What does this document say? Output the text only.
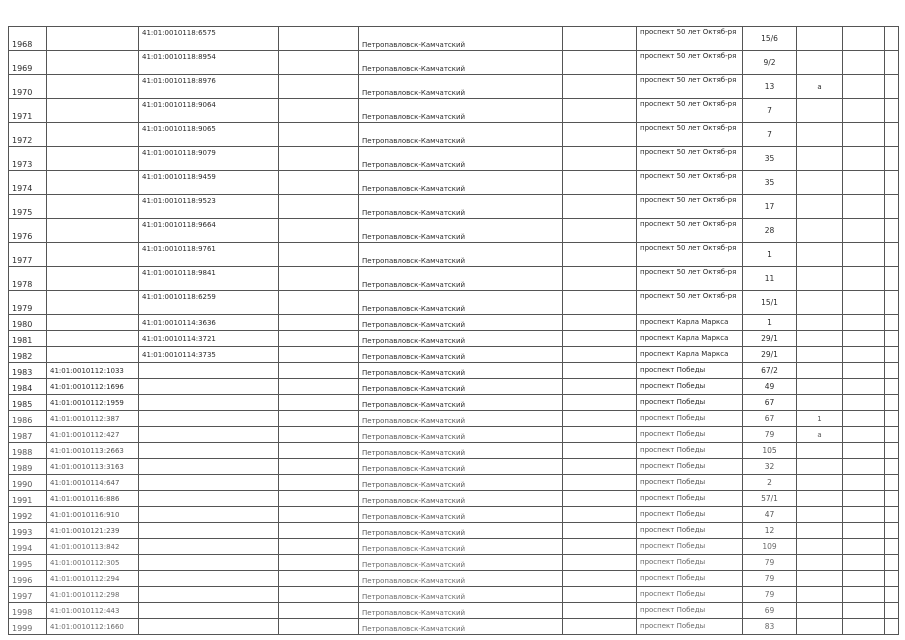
1968		41:01:0010118:6575		Петропавловск-Камчатский		проспект 50 лет Октяб-ря	15/6			
1969		41:01:0010118:8954		Петропавловск-Камчатский		проспект 50 лет Октяб-ря	9/2			
1970		41:01:0010118:8976		Петропавловск-Камчатский		проспект 50 лет Октяб-ря	13	а		
1971		41:01:0010118:9064		Петропавловск-Камчатский		проспект 50 лет Октяб-ря	7			
1972		41:01:0010118:9065		Петропавловск-Камчатский		проспект 50 лет Октяб-ря	7			
1973		41:01:0010118:9079		Петропавловск-Камчатский		проспект 50 лет Октяб-ря	35			
1974		41:01:0010118:9459		Петропавловск-Камчатский		проспект 50 лет Октяб-ря	35			
1975		41:01:0010118:9523		Петропавловск-Камчатский		проспект 50 лет Октяб-ря	17			
1976		41:01:0010118:9664		Петропавловск-Камчатский		проспект 50 лет Октяб-ря	28			
1977		41:01:0010118:9761		Петропавловск-Камчатский		проспект 50 лет Октяб-ря	1			
1978		41:01:0010118:9841		Петропавловск-Камчатский		проспект 50 лет Октяб-ря	11			
1979		41:01:0010118:6259		Петропавловск-Камчатский		проспект 50 лет Октяб-ря	15/1			
1980		41:01:0010114:3636		Петропавловск-Камчатский		проспект Карла Маркса	1			
1981		41:01:0010114:3721		Петропавловск-Камчатский		проспект Карла Маркса	29/1			
1982		41:01:0010114:3735		Петропавловск-Камчатский		проспект Карла Маркса	29/1			
1983	41:01:0010112:1033			Петропавловск-Камчатский		проспект Победы	67/2			
1984	41:01:0010112:1696			Петропавловск-Камчатский		проспект Победы	49			
1985	41:01:0010112:1959			Петропавловск-Камчатский		проспект Победы	67			
1986	41:01:0010112:387			Петропавловск-Камчатский		проспект Победы	67	1		
1987	41:01:0010112:427			Петропавловск-Камчатский		проспект Победы	79	а		
1988	41:01:0010113:2663			Петропавловск-Камчатский		проспект Победы	105			
1989	41:01:0010113:3163			Петропавловск-Камчатский		проспект Победы	32			
1990	41:01:0010114:647			Петропавловск-Камчатский		проспект Победы	2			
1991	41:01:0010116:886			Петропавловск-Камчатский		проспект Победы	57/1			
1992	41:01:0010116:910			Петропавловск-Камчатский		проспект Победы	47			
1993	41:01:0010121:239			Петропавловск-Камчатский		проспект Победы	12			
1994	41:01:0010113:842			Петропавловск-Камчатский		проспект Победы	109			
1995	41:01:0010112:305			Петропавловск-Камчатский		проспект Победы	79			
1996	41:01:0010112:294			Петропавловск-Камчатский		проспект Победы	79			
1997	41:01:0010112:298			Петропавловск-Камчатский		проспект Победы	79			
1998	41:01:0010112:443			Петропавловск-Камчатский		проспект Победы	69			
1999	41:01:0010112:1660			Петропавловск-Камчатский		проспект Победы	83			
